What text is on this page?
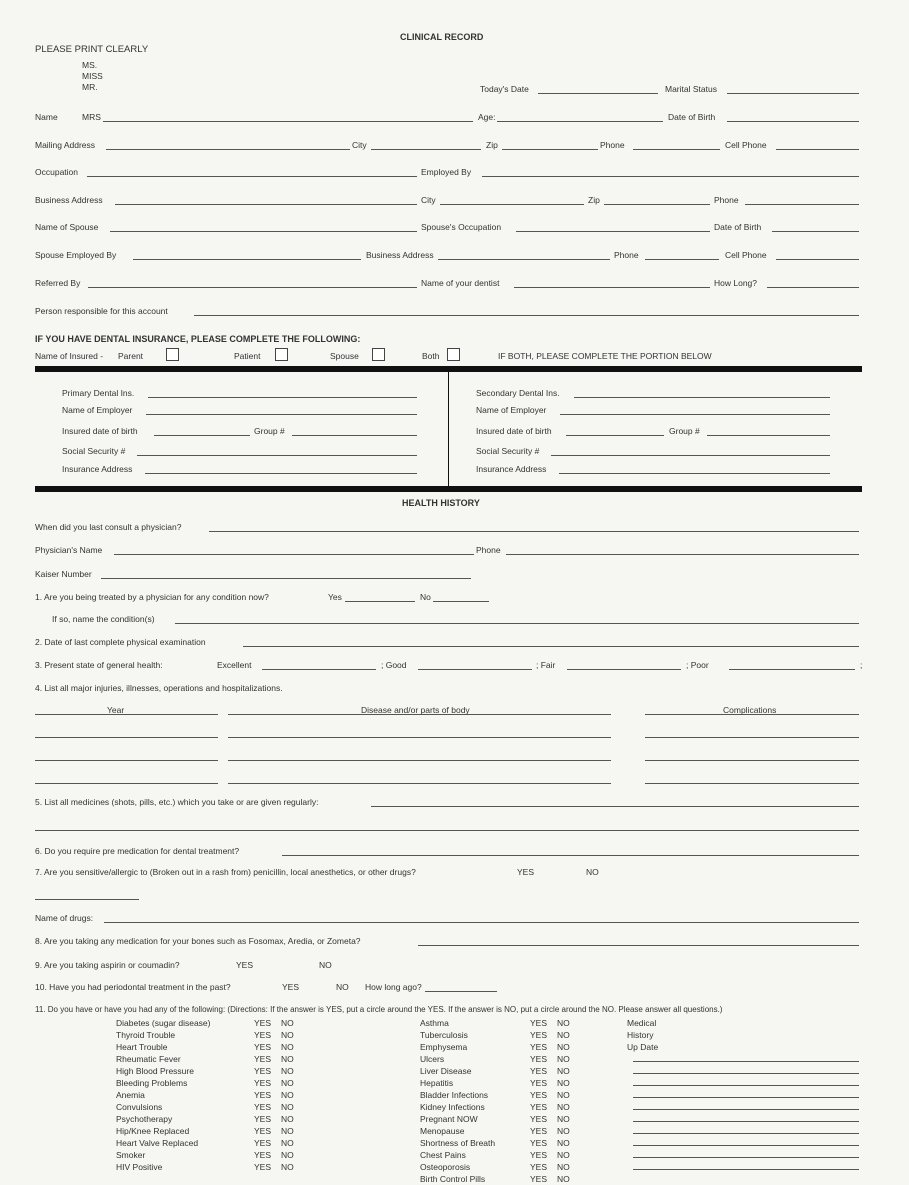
CLINICAL RECORD
PLEASE PRINT CLEARLY
MS.
MISS
MR.	Today's Date	Marital Status
Name	MRS	Age:	Date of Birth
Mailing Address	City	Zip	Phone	Cell Phone
Occupation	Employed By
Business Address	City	Zip	Phone
Name of Spouse	Spouse's Occupation	Date of Birth
Spouse Employed By	Business Address	Phone	Cell Phone
Referred By	Name of your dentist	How Long?
Person responsible for this account
IF YOU HAVE DENTAL INSURANCE, PLEASE COMPLETE THE FOLLOWING:
Name of Insured - Parent	Patient	Spouse	Both	IF BOTH, PLEASE COMPLETE THE PORTION BELOW
Primary Dental Ins.
Name of Employer
Insured date of birth	Group #
Social Security #
Insurance Address
Secondary Dental Ins.
Name of Employer
Insured date of birth	Group #
Social Security #
Insurance Address
HEALTH HISTORY
When did you last consult a physician?
Physician's Name	Phone
Kaiser Number
1. Are you being treated by a physician for any condition now?	Yes	No
If so, name the condition(s)
2. Date of last complete physical examination
3. Present state of general health:	Excellent	; Good	; Fair	; Poor	;
4. List all major injuries, illnesses, operations and hospitalizations.
Year	Disease and/or parts of body	Complications
5. List all medicines (shots, pills, etc.) which you take or are given regularly:
6. Do you require pre medication for dental treatment?
7. Are you sensitive/allergic to (Broken out in a rash from) penicillin, local anesthetics, or other drugs?	YES	NO
Name of drugs:
8. Are you taking any medication for your bones such as Fosomax, Aredia, or Zometa?
9. Are you taking aspirin or coumadin?	YES	NO
10. Have you had periodontal treatment in the past?	YES	NO How long ago?
11. Do you have or have you had any of the following: (Directions: If the answer is YES, put a circle around the YES. If the answer is NO, put a circle around the NO. Please answer all questions.)
Diabetes (sugar disease)	YES NO
Thyroid Trouble	YES NO
Heart Trouble	YES NO
Rheumatic Fever	YES NO
High Blood Pressure	YES NO
Bleeding Problems	YES NO
Anemia	YES NO
Convulsions	YES NO
Psychotherapy	YES NO
Hip/Knee Replaced	YES NO
Heart Valve Replaced	YES NO
Smoker	YES NO
HIV Positive	YES NO
Asthma	YES NO
Tuberculosis	YES NO
Emphysema	YES NO
Ulcers	YES NO
Liver Disease	YES NO
Hepatitis	YES NO
Bladder Infections	YES NO
Kidney Infections	YES NO
Pregnant NOW	YES NO
Menopause	YES NO
Shortness of Breath	YES NO
Chest Pains	YES NO
Osteoporosis	YES NO
Birth Control Pills	YES NO
Medical
History
Up Date
